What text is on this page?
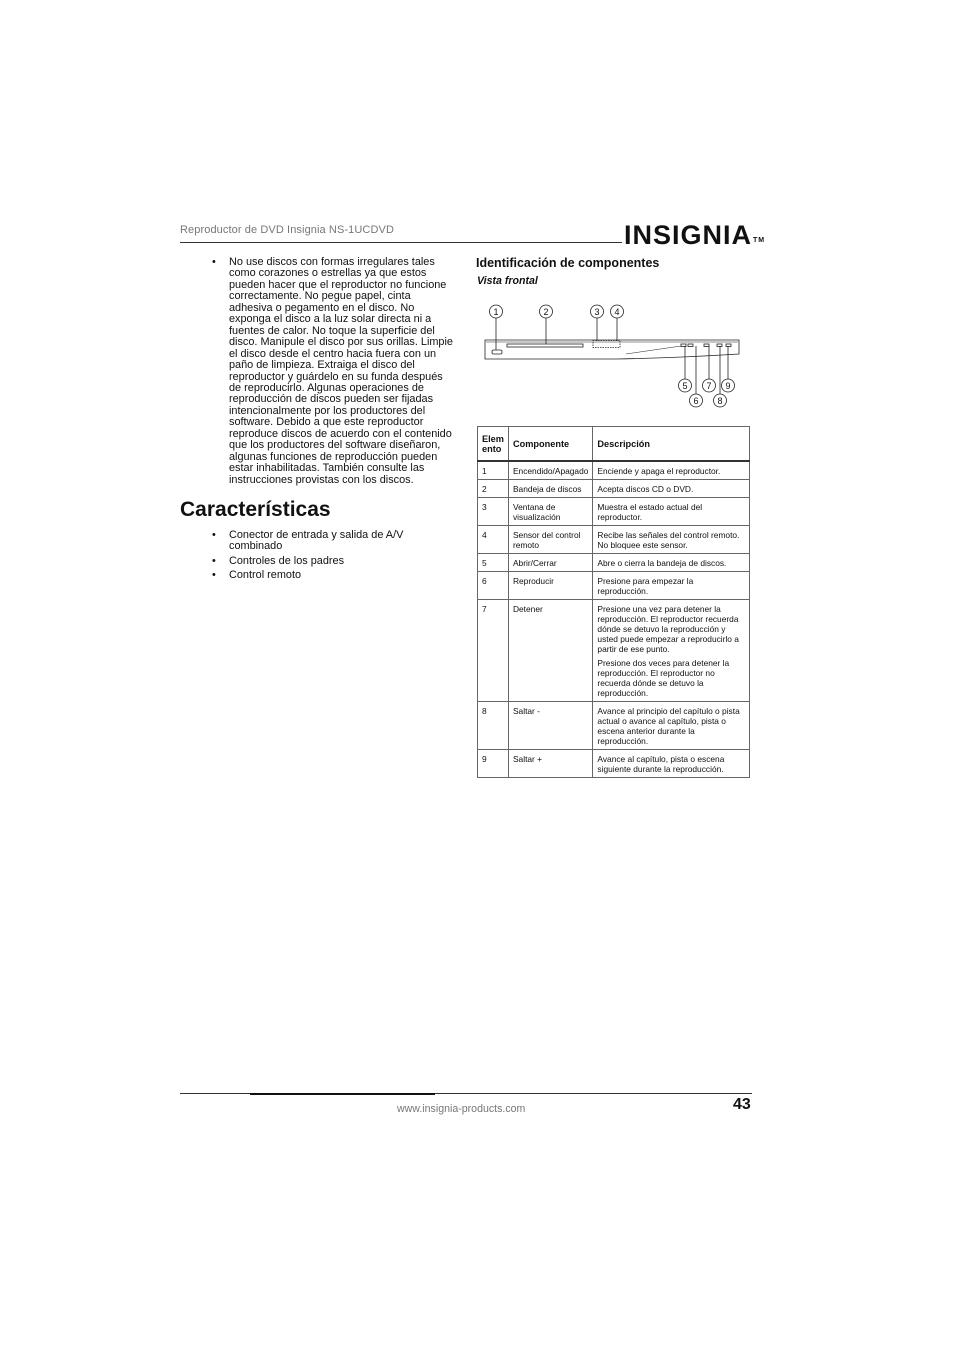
Reproductor de DVD Insignia NS-1UCDVD	INSIGNIA™
• No use discos con formas irregulares tales como corazones o estrellas ya que estos pueden hacer que el reproductor no funcione correctamente. No pegue papel, cinta adhesiva o pegamento en el disco. No exponga el disco a la luz solar directa ni a fuentes de calor. No toque la superficie del disco. Manipule el disco por sus orillas. Limpie el disco desde el centro hacia fuera con un paño de limpieza. Extraiga el disco del reproductor y guárdelo en su funda después de reproducirlo. Algunas operaciones de reproducción de discos pueden ser fijadas intencionalmente por los productores del software. Debido a que este reproductor reproduce discos de acuerdo con el contenido que los productores del software diseñaron, algunas funciones de reproducción pueden estar inhabilitadas. También consulte las instrucciones provistas con los discos.
Características
• Conector de entrada y salida de A/V combinado
• Controles de los padres
• Control remoto
Identificación de componentes
Vista frontal
1	2	3 4
5
6
7
8
9
Elem ento	Componente	Descripción
1	Encendido/Apagado	Enciende y apaga el reproductor.

2	Bandeja de discos	Acepta discos CD o DVD.

3	Ventana de visualización	Muestra el estado actual del reproductor.

4	Sensor del control remoto	Recibe las señales del control remoto. No bloquee este sensor.

5	Abrir/Cerrar	Abre o cierra la bandeja de discos.

6	Reproducir	Presione para empezar la reproducción.

7	Detener	Presione una vez para detener la reproducción. El reproductor recuerda dónde se detuvo la reproducción y usted puede empezar a reproducirlo a partir de ese punto.

Presione dos veces para detener la reproducción. El reproductor no recuerda dónde se detuvo la reproducción.

8	Saltar -	Avance al principio del capítulo o pista actual o avance al capítulo, pista o escena anterior durante la reproducción.

9	Saltar +	Avance al capítulo, pista o escena siguiente durante la reproducción.

www.insignia-products.com	43
